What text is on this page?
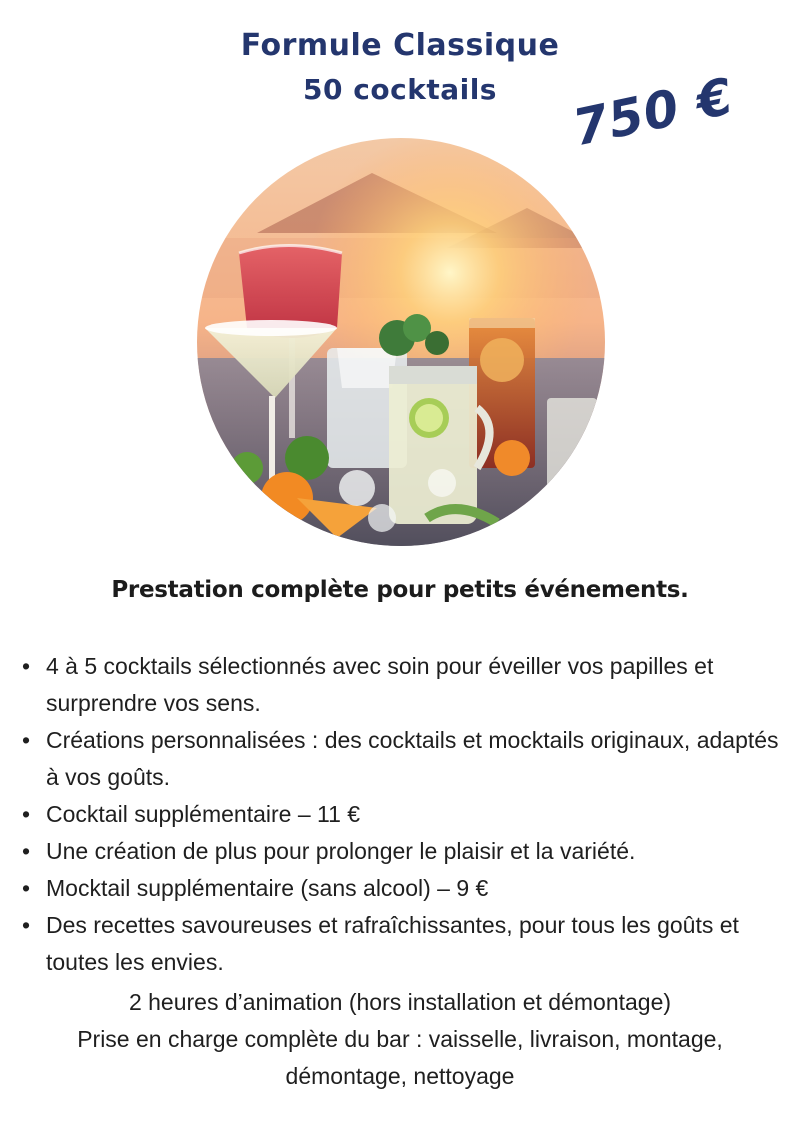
Formule Classique
50 cocktails	750 €
Prestation complète pour petits événements.
• 4 à 5 cocktails sélectionnés avec soin pour éveiller vos papilles et surprendre vos sens.
• Créations personnalisées : des cocktails et mocktails originaux, adaptés à vos goûts.
• Cocktail supplémentaire – 11 €
• Une création de plus pour prolonger le plaisir et la variété.
• Mocktail supplémentaire (sans alcool) – 9 €
• Des recettes savoureuses et rafraîchissantes, pour tous les goûts et toutes les envies.
2 heures d’animation (hors installation et démontage)
Prise en charge complète du bar : vaisselle, livraison, montage, démontage, nettoyage
